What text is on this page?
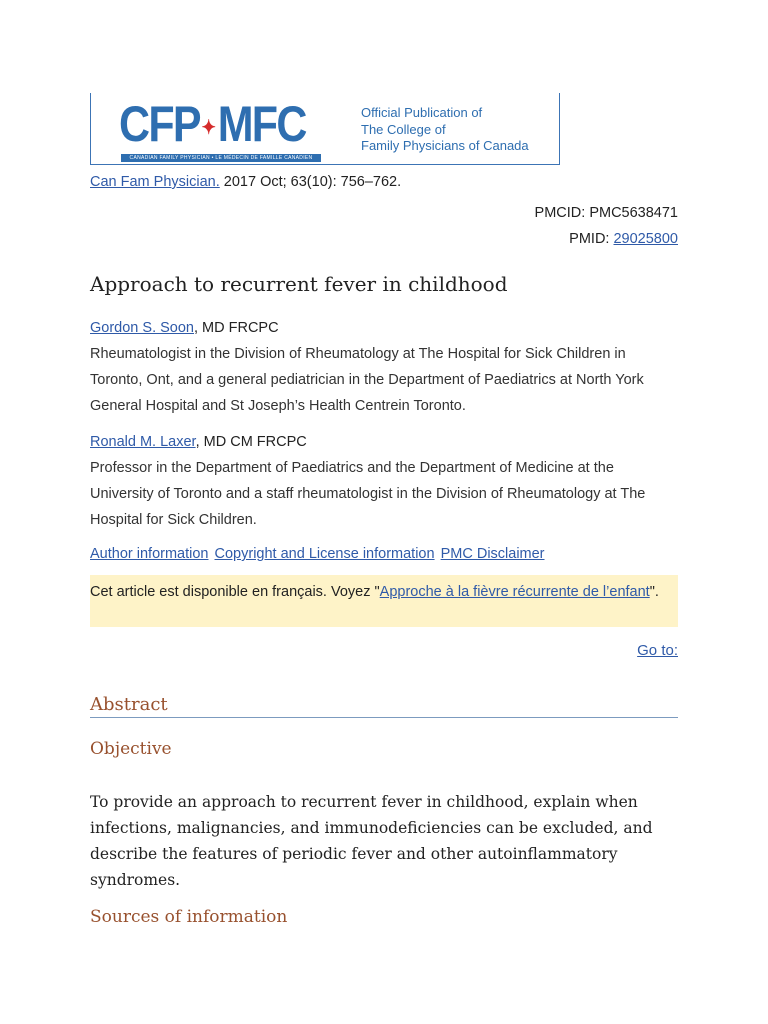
CFP✦MFC
CANADIAN FAMILY PHYSICIAN • LE MÉDECIN DE FAMILLE CANADIEN
Official Publication of
The College of
Family Physicians of Canada
Can Fam Physician. 2017 Oct; 63(10): 756–762.
PMCID: PMC5638471
PMID: 29025800
Approach to recurrent fever in childhood
Gordon S. Soon, MD FRCPC
Rheumatologist in the Division of Rheumatology at The Hospital for Sick Children in Toronto, Ont, and a general pediatrician in the Department of Paediatrics at North York General Hospital and St Joseph’s Health Centrein Toronto.
Ronald M. Laxer, MD CM FRCPC
Professor in the Department of Paediatrics and the Department of Medicine at the University of Toronto and a staff rheumatologist in the Division of Rheumatology at The Hospital for Sick Children.
Author information Copyright and License information PMC Disclaimer
Cet article est disponible en français. Voyez "Approche à la fièvre récurrente de l’enfant".
Go to:
Abstract
Objective
To provide an approach to recurrent fever in childhood, explain when infections, malignancies, and immunodeficiencies can be excluded, and describe the features of periodic fever and other autoinflammatory syndromes.
Sources of information
